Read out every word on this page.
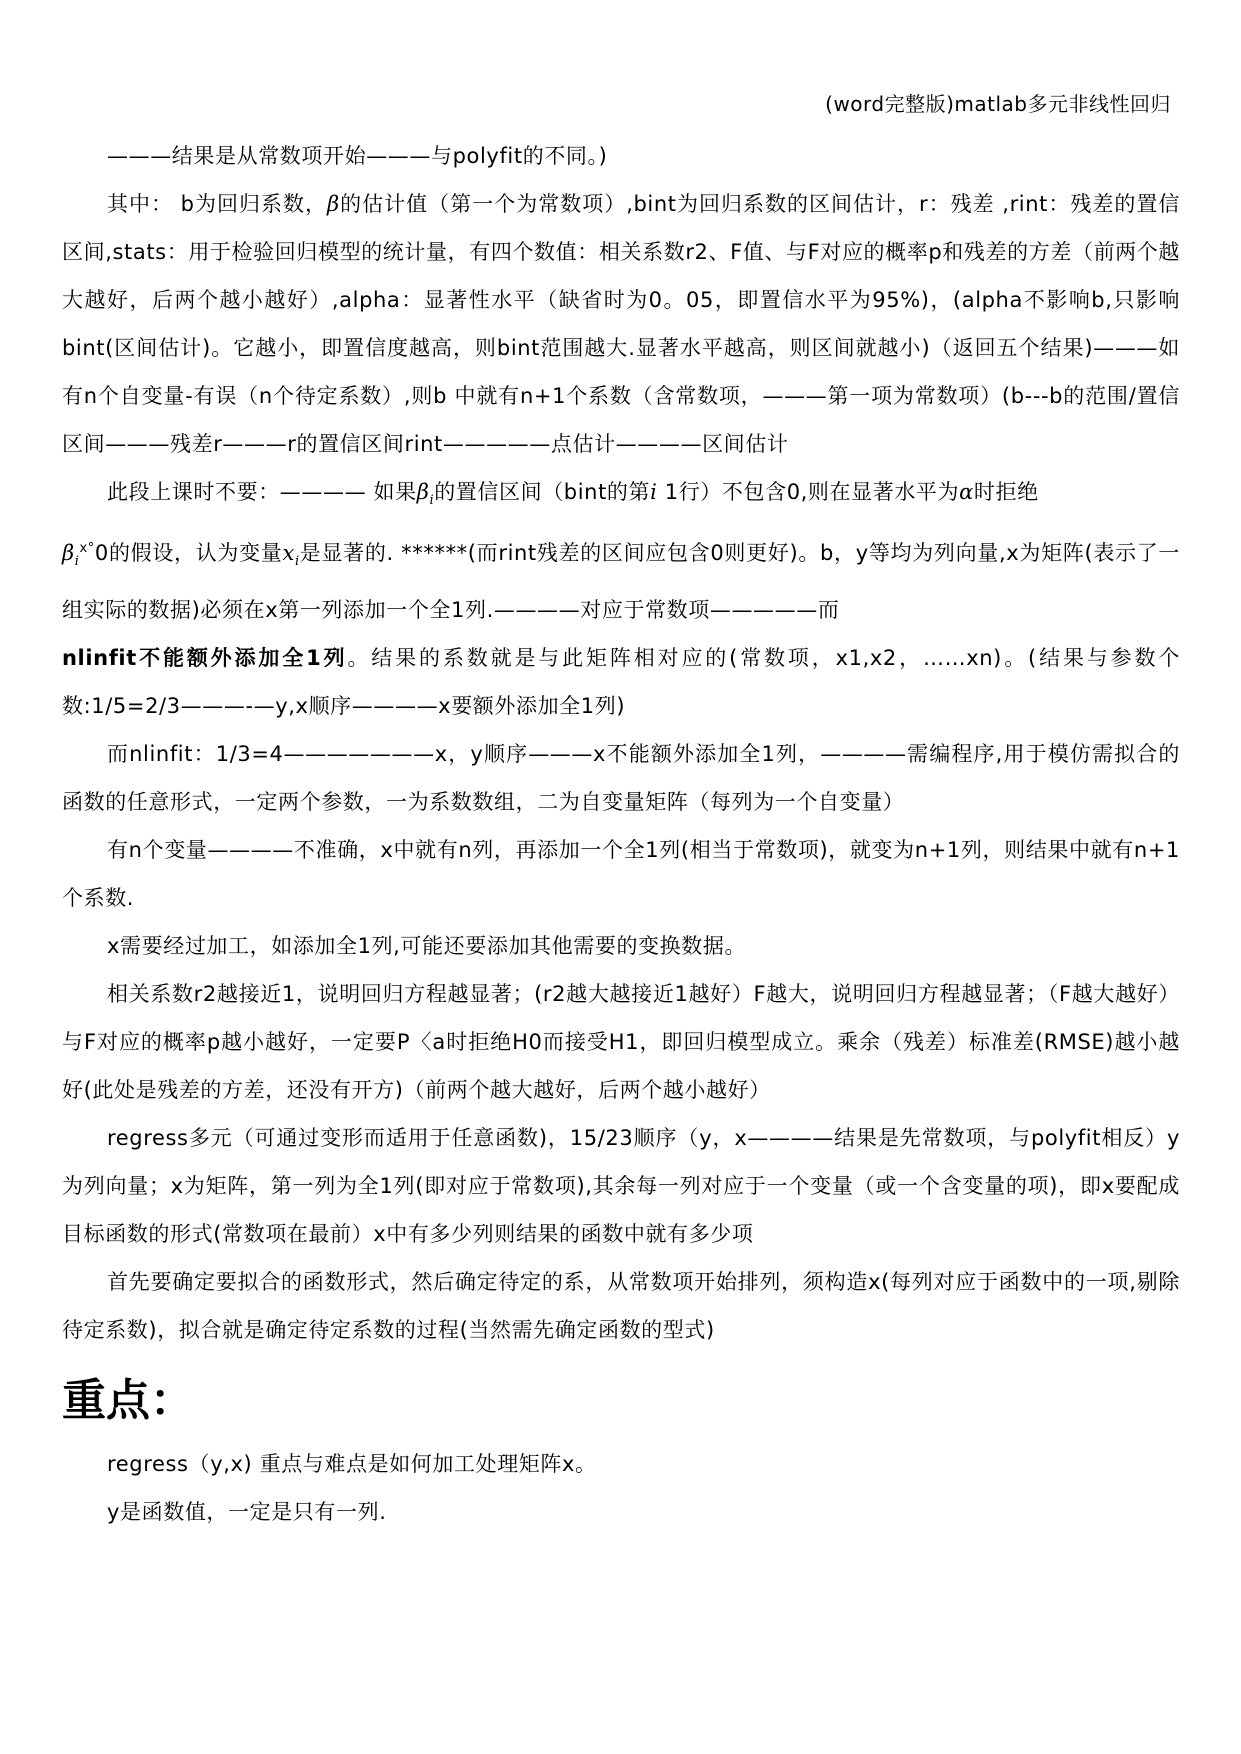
(word完整版)matlab多元非线性回归

———结果是从常数项开始———与polyfit的不同。)

其中： b为回归系数，β的估计值（第一个为常数项）,bint为回归系数的区间估计，r：残差 ,rint：残差的置信区间,stats：用于检验回归模型的统计量，有四个数值：相关系数r2、F值、与F对应的概率p和残差的方差（前两个越大越好，后两个越小越好）,alpha：显著性水平（缺省时为0。05，即置信水平为95%)，(alpha不影响b,只影响bint(区间估计)。它越小，即置信度越高，则bint范围越大.显著水平越高，则区间就越小)（返回五个结果)———如有n个自变量-有误（n个待定系数）,则b 中就有n+1个系数（含常数项，———第一项为常数项）(b---b的范围/置信区间———残差r———r的置信区间rint—————点估计————区间估计

此段上课时不要：———— 如果$\beta_i$的置信区间（bint的第i 1行）不包含0,则在显著水平为α时拒绝
$\beta_i^{x^\circ}0$的假设，认为变量$x_i$是显著的. ******(而rint残差的区间应包含0则更好)。b，y等均为列向量,x为矩阵(表示了一组实际的数据)必须在x第一列添加一个全1列.————对应于常数项—————而
nlinfit不能额外添加全1列。结果的系数就是与此矩阵相对应的(常数项，x1,x2，……xn)。(结果与参数个数:1/5=2/3———-—y,x顺序————x要额外添加全1列)

而nlinfit：1/3=4———————x，y顺序———x不能额外添加全1列，————需编程序,用于模仿需拟合的函数的任意形式，一定两个参数，一为系数数组，二为自变量矩阵（每列为一个自变量）

有n个变量————不准确，x中就有n列，再添加一个全1列(相当于常数项)，就变为n+1列，则结果中就有n+1个系数.

x需要经过加工，如添加全1列,可能还要添加其他需要的变换数据。

相关系数r2越接近1，说明回归方程越显著；(r2越大越接近1越好）F越大，说明回归方程越显著；（F越大越好）与F对应的概率p越小越好，一定要P〈a时拒绝H0而接受H1，即回归模型成立。乘余（残差）标准差(RMSE)越小越好(此处是残差的方差，还没有开方)（前两个越大越好，后两个越小越好）

regress多元（可通过变形而适用于任意函数)，15/23顺序（y，x————结果是先常数项，与polyfit相反）y为列向量；x为矩阵，第一列为全1列(即对应于常数项),其余每一列对应于一个变量（或一个含变量的项)，即x要配成目标函数的形式(常数项在最前）x中有多少列则结果的函数中就有多少项

首先要确定要拟合的函数形式，然后确定待定的系，从常数项开始排列，须构造x(每列对应于函数中的一项,剔除待定系数)，拟合就是确定待定系数的过程(当然需先确定函数的型式)

重点：

regress（y,x) 重点与难点是如何加工处理矩阵x。

y是函数值，一定是只有一列.
